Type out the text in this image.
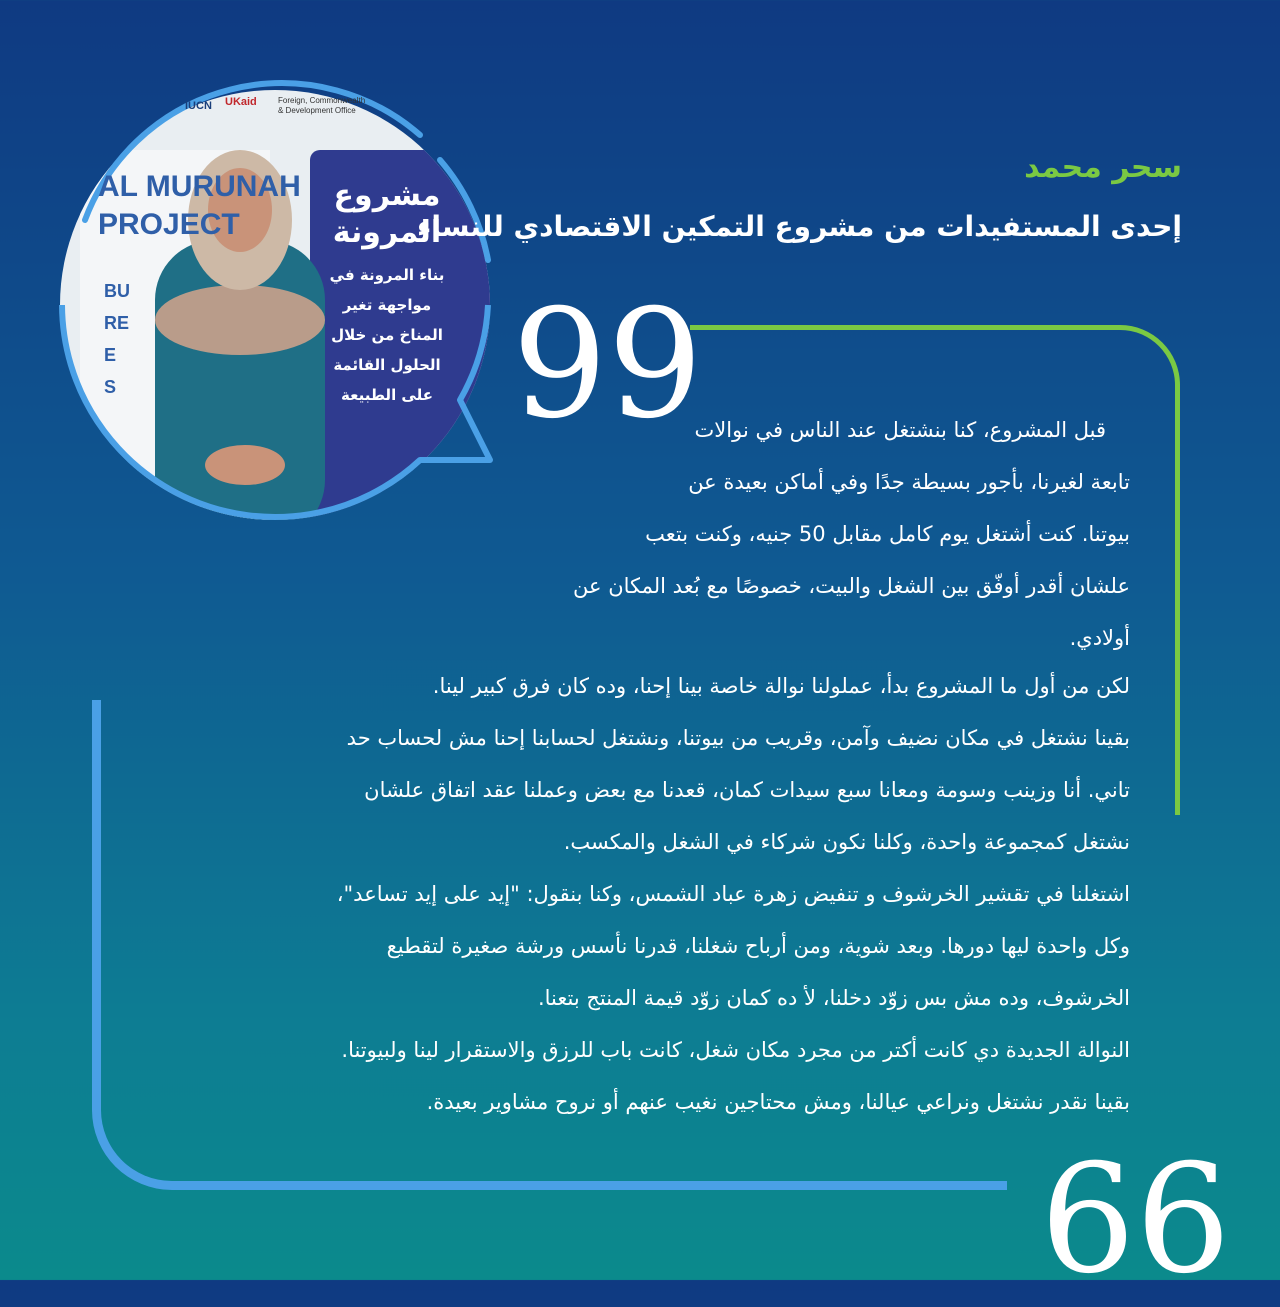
AL MURUNAH
PROJECT
BU
RE
E
S
مشروع
المرونة
بناء المرونة في
مواجهة تغير
المناخ من خلال
الحلول القائمة
على الطبيعة
IUCN UKaid	Foreign, Commonwealth
& Development Office
سحر محمد
إحدى المستفيدات من مشروع التمكين الاقتصادي للنساء
99
66
قبل المشروع، كنا بنشتغل عند الناس في نوالات
تابعة لغيرنا، بأجور بسيطة جدًا وفي أماكن بعيدة عن
بيوتنا. كنت أشتغل يوم كامل مقابل 50 جنيه، وكنت بتعب
علشان أقدر أوفّق بين الشغل والبيت، خصوصًا مع بُعد المكان عن
أولادي.
لكن من أول ما المشروع بدأ، عملولنا نوالة خاصة بينا إحنا، وده كان فرق كبير لينا.
بقينا نشتغل في مكان نضيف وآمن، وقريب من بيوتنا، ونشتغل لحسابنا إحنا مش لحساب حد
تاني. أنا وزينب وسومة ومعانا سبع سيدات كمان، قعدنا مع بعض وعملنا عقد اتفاق علشان
نشتغل كمجموعة واحدة، وكلنا نكون شركاء في الشغل والمكسب.
اشتغلنا في تقشير الخرشوف و تنفيض زهرة عباد الشمس، وكنا بنقول: "إيد على إيد تساعد"،
وكل واحدة ليها دورها. وبعد شوية، ومن أرباح شغلنا، قدرنا نأسس ورشة صغيرة لتقطيع
الخرشوف، وده مش بس زوّد دخلنا، لأ ده كمان زوّد قيمة المنتج بتعنا.
النوالة الجديدة دي كانت أكتر من مجرد مكان شغل، كانت باب للرزق والاستقرار لينا ولبيوتنا.
بقينا نقدر نشتغل ونراعي عيالنا، ومش محتاجين نغيب عنهم أو نروح مشاوير بعيدة.
